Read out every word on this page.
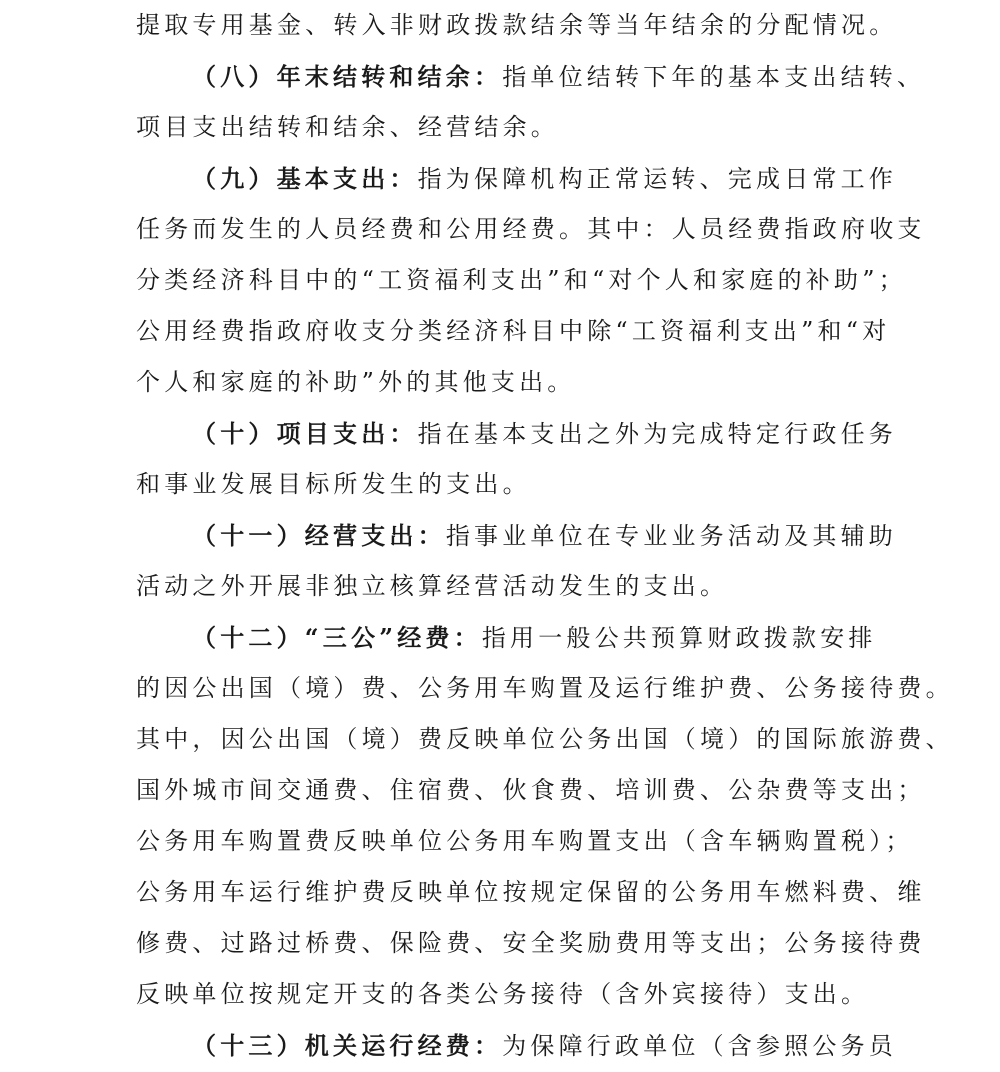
提取专用基金、转入非财政拨款结余等当年结余的分配情况。
（八）年末结转和结余：指单位结转下年的基本支出结转、
项目支出结转和结余、经营结余。
（九）基本支出：指为保障机构正常运转、完成日常工作
任务而发生的人员经费和公用经费。其中：人员经费指政府收支
分类经济科目中的“工资福利支出”和“对个人和家庭的补助”；
公用经费指政府收支分类经济科目中除“工资福利支出”和“对
个人和家庭的补助”外的其他支出。
（十）项目支出：指在基本支出之外为完成特定行政任务
和事业发展目标所发生的支出。
（十一）经营支出：指事业单位在专业业务活动及其辅助
活动之外开展非独立核算经营活动发生的支出。
（十二）“三公”经费：指用一般公共预算财政拨款安排
的因公出国（境）费、公务用车购置及运行维护费、公务接待费。
其中，因公出国（境）费反映单位公务出国（境）的国际旅游费、
国外城市间交通费、住宿费、伙食费、培训费、公杂费等支出；
公务用车购置费反映单位公务用车购置支出（含车辆购置税）；
公务用车运行维护费反映单位按规定保留的公务用车燃料费、维
修费、过路过桥费、保险费、安全奖励费用等支出；公务接待费
反映单位按规定开支的各类公务接待（含外宾接待）支出。
（十三）机关运行经费：为保障行政单位（含参照公务员
